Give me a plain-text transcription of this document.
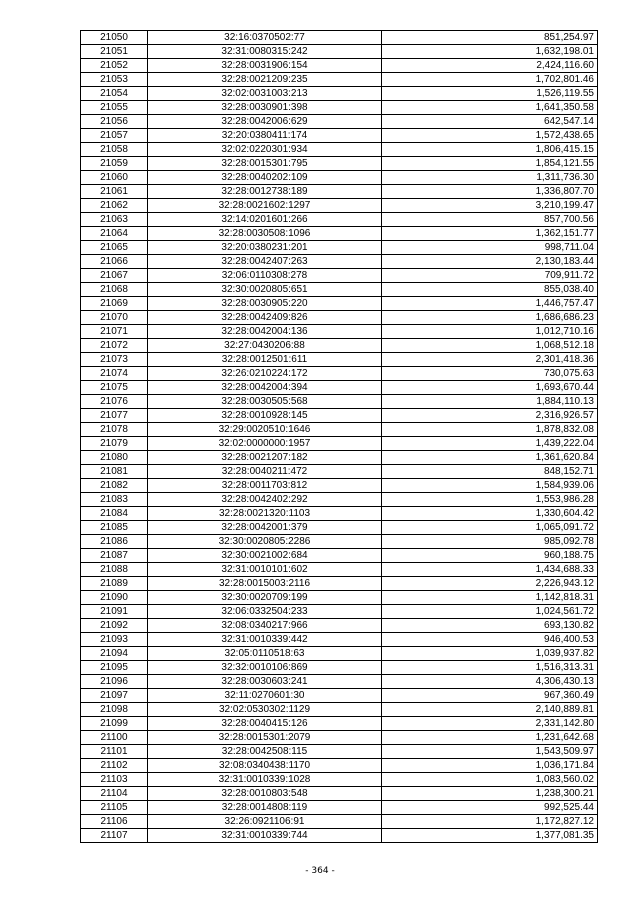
21050	32:16:0370502:77	851,254.97
21051	32:31:0080315:242	1,632,198.01
21052	32:28:0031906:154	2,424,116.60
21053	32:28:0021209:235	1,702,801.46
21054	32:02:0031003:213	1,526,119.55
21055	32:28:0030901:398	1,641,350.58
21056	32:28:0042006:629	642,547.14
21057	32:20:0380411:174	1,572,438.65
21058	32:02:0220301:934	1,806,415.15
21059	32:28:0015301:795	1,854,121.55
21060	32:28:0040202:109	1,311,736.30
21061	32:28:0012738:189	1,336,807.70
21062	32:28:0021602:1297	3,210,199.47
21063	32:14:0201601:266	857,700.56
21064	32:28:0030508:1096	1,362,151.77
21065	32:20:0380231:201	998,711.04
21066	32:28:0042407:263	2,130,183.44
21067	32:06:0110308:278	709,911.72
21068	32:30:0020805:651	855,038.40
21069	32:28:0030905:220	1,446,757.47
21070	32:28:0042409:826	1,686,686.23
21071	32:28:0042004:136	1,012,710.16
21072	32:27:0430206:88	1,068,512.18
21073	32:28:0012501:611	2,301,418.36
21074	32:26:0210224:172	730,075.63
21075	32:28:0042004:394	1,693,670.44
21076	32:28:0030505:568	1,884,110.13
21077	32:28:0010928:145	2,316,926.57
21078	32:29:0020510:1646	1,878,832.08
21079	32:02:0000000:1957	1,439,222.04
21080	32:28:0021207:182	1,361,620.84
21081	32:28:0040211:472	848,152.71
21082	32:28:0011703:812	1,584,939.06
21083	32:28:0042402:292	1,553,986.28
21084	32:28:0021320:1103	1,330,604.42
21085	32:28:0042001:379	1,065,091.72
21086	32:30:0020805:2286	985,092.78
21087	32:30:0021002:684	960,188.75
21088	32:31:0010101:602	1,434,688.33
21089	32:28:0015003:2116	2,226,943.12
21090	32:30:0020709:199	1,142,818.31
21091	32:06:0332504:233	1,024,561.72
21092	32:08:0340217:966	693,130.82
21093	32:31:0010339:442	946,400.53
21094	32:05:0110518:63	1,039,937.82
21095	32:32:0010106:869	1,516,313.31
21096	32:28:0030603:241	4,306,430.13
21097	32:11:0270601:30	967,360.49
21098	32:02:0530302:1129	2,140,889.81
21099	32:28:0040415:126	2,331,142.80
21100	32:28:0015301:2079	1,231,642.68
21101	32:28:0042508:115	1,543,509.97
21102	32:08:0340438:1170	1,036,171.84
21103	32:31:0010339:1028	1,083,560.02
21104	32:28:0010803:548	1,238,300.21
21105	32:28:0014808:119	992,525.44
21106	32:26:0921106:91	1,172,827.12
21107	32:31:0010339:744	1,377,081.35
- 364 -
